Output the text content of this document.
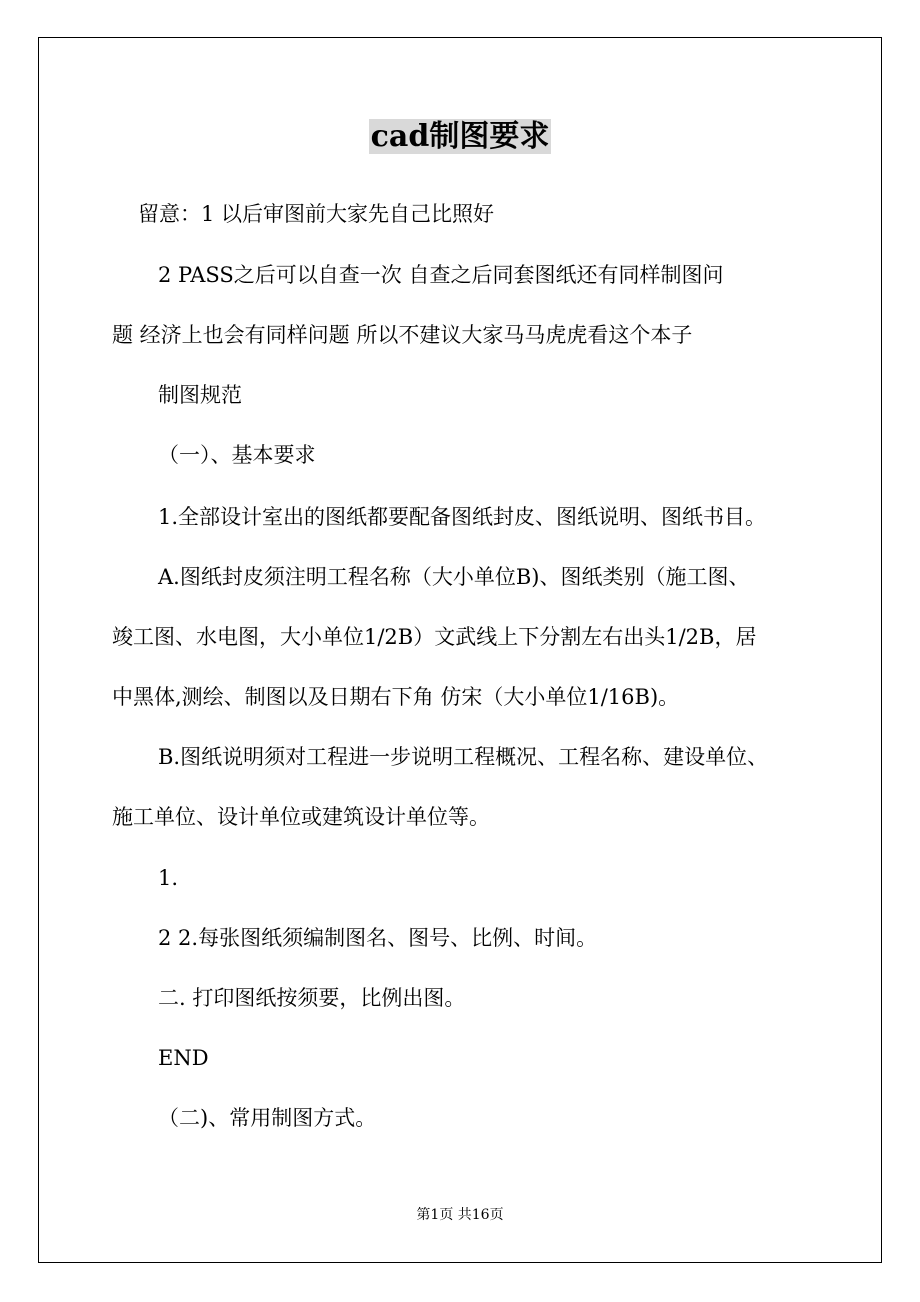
cad制图要求
留意：1 以后审图前大家先自己比照好
2 PASS之后可以自查一次 自查之后同套图纸还有同样制图问
题 经济上也会有同样问题 所以不建议大家马马虎虎看这个本子
制图规范
（一）、基本要求
1.全部设计室出的图纸都要配备图纸封皮、图纸说明、图纸书目。
A.图纸封皮须注明工程名称（大小单位B)、图纸类别（施工图、
竣工图、水电图，大小单位1/2B）文武线上下分割左右出头1/2B，居
中黑体,测绘、制图以及日期右下角 仿宋（大小单位1/16B)。
B.图纸说明须对工程进一步说明工程概况、工程名称、建设单位、
施工单位、设计单位或建筑设计单位等。
1.
2 2.每张图纸须编制图名、图号、比例、时间。
二. 打印图纸按须要，比例出图。
END
（二)、常用制图方式。
第1页 共16页
